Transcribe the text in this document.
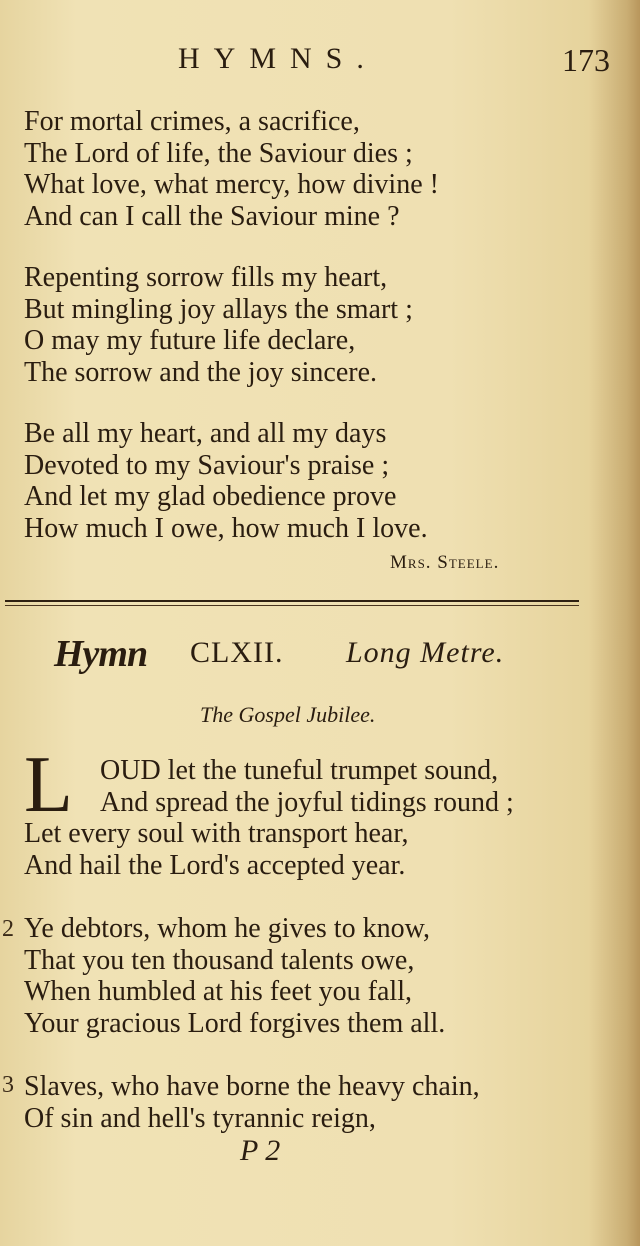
HYMNS.	173
For mortal crimes, a sacrifice,
The Lord of life, the Saviour dies ;
What love, what mercy, how divine !
And can I call the Saviour mine ?
Repenting sorrow fills my heart,
But mingling joy allays the smart ;
O may my future life declare,
The sorrow and the joy sincere.
Be all my heart, and all my days
Devoted to my Saviour's praise ;
And let my glad obedience prove
How much I owe, how much I love.
Mrs. Steele.
Hymn CLXII. Long Metre.
The Gospel Jubilee.
L OUD let the tuneful trumpet sound,
And spread the joyful tidings round ;
Let every soul with transport hear,
And hail the Lord's accepted year.
2 Ye debtors, whom he gives to know,
That you ten thousand talents owe,
When humbled at his feet you fall,
Your gracious Lord forgives them all.
3 Slaves, who have borne the heavy chain,
Of sin and hell's tyrannic reign,
P 2
